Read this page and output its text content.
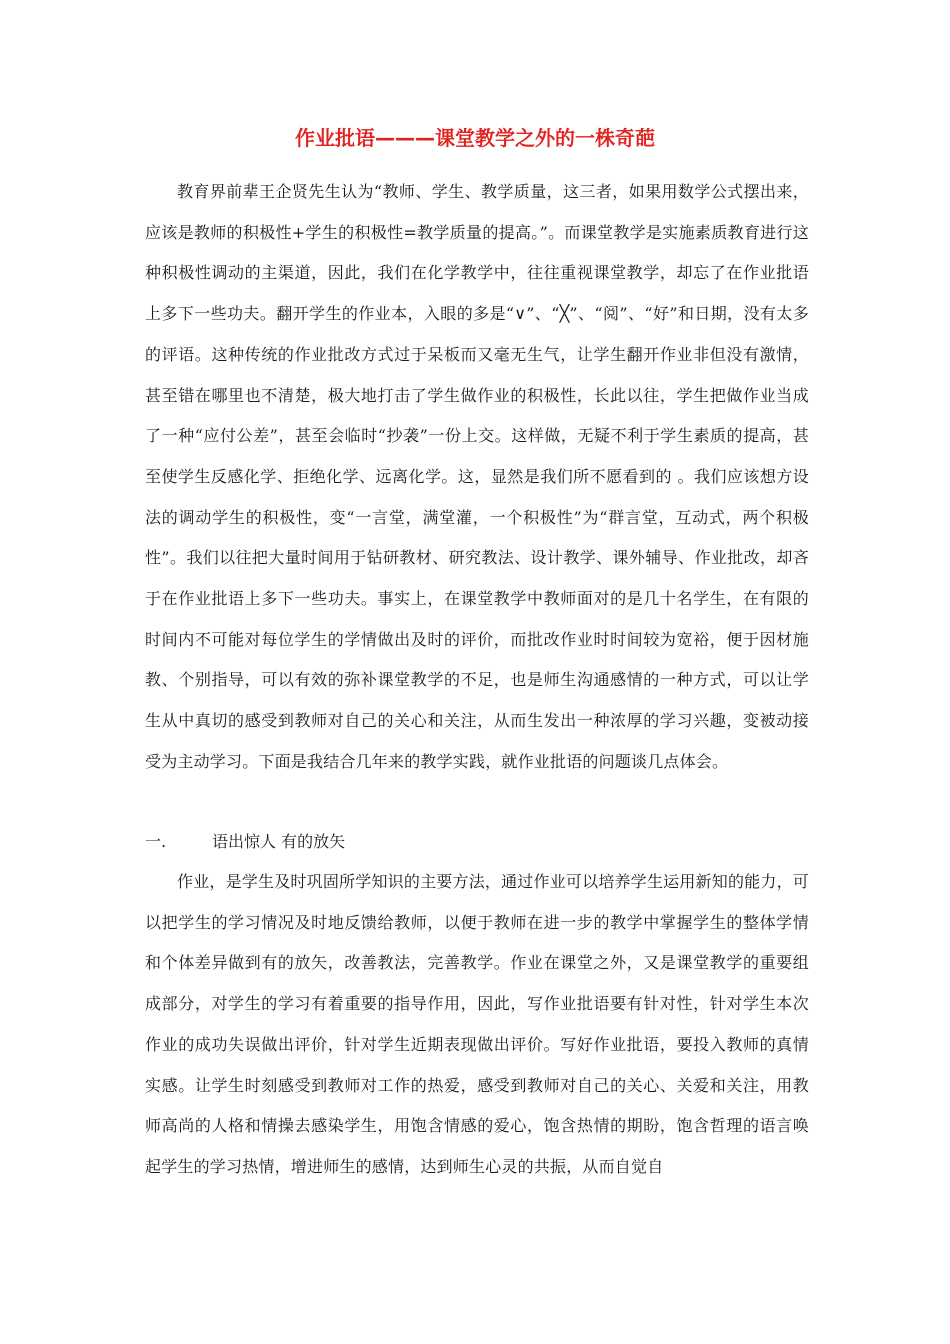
作业批语———课堂教学之外的一株奇葩

教育界前辈王企贤先生认为“教师、学生、教学质量，这三者，如果用数学公式摆出来，应该是教师的积极性+学生的积极性=教学质量的提高。”。而课堂教学是实施素质教育进行这种积极性调动的主渠道，因此，我们在化学教学中，往往重视课堂教学，却忘了在作业批语上多下一些功夫。翻开学生的作业本，入眼的多是“∨”、“╳”、“阅”、“好”和日期，没有太多的评语。这种传统的作业批改方式过于呆板而又毫无生气，让学生翻开作业非但没有激情，甚至错在哪里也不清楚，极大地打击了学生做作业的积极性，长此以往，学生把做作业当成了一种“应付公差”，甚至会临时“抄袭”一份上交。这样做，无疑不利于学生素质的提高，甚至使学生反感化学、拒绝化学、远离化学。这，显然是我们所不愿看到的 。我们应该想方设法的调动学生的积极性，变“一言堂，满堂灌，一个积极性”为“群言堂，互动式，两个积极性”。我们以往把大量时间用于钻研教材、研究教法、设计教学、课外辅导、作业批改，却吝于在作业批语上多下一些功夫。事实上，在课堂教学中教师面对的是几十名学生，在有限的时间内不可能对每位学生的学情做出及时的评价，而批改作业时时间较为宽裕，便于因材施教、个别指导，可以有效的弥补课堂教学的不足，也是师生沟通感情的一种方式，可以让学生从中真切的感受到教师对自己的关心和关注，从而生发出一种浓厚的学习兴趣，变被动接受为主动学习。下面是我结合几年来的教学实践，就作业批语的问题谈几点体会。

一.	语出惊人 有的放矢

作业，是学生及时巩固所学知识的主要方法，通过作业可以培养学生运用新知的能力，可以把学生的学习情况及时地反馈给教师，以便于教师在进一步的教学中掌握学生的整体学情和个体差异做到有的放矢，改善教法，完善教学。作业在课堂之外，又是课堂教学的重要组成部分，对学生的学习有着重要的指导作用，因此，写作业批语要有针对性，针对学生本次作业的成功失误做出评价，针对学生近期表现做出评价。写好作业批语，要投入教师的真情实感。让学生时刻感受到教师对工作的热爱，感受到教师对自己的关心、关爱和关注，用教师高尚的人格和情操去感染学生，用饱含情感的爱心，饱含热情的期盼，饱含哲理的语言唤起学生的学习热情，增进师生的感情，达到师生心灵的共振，从而自觉自
